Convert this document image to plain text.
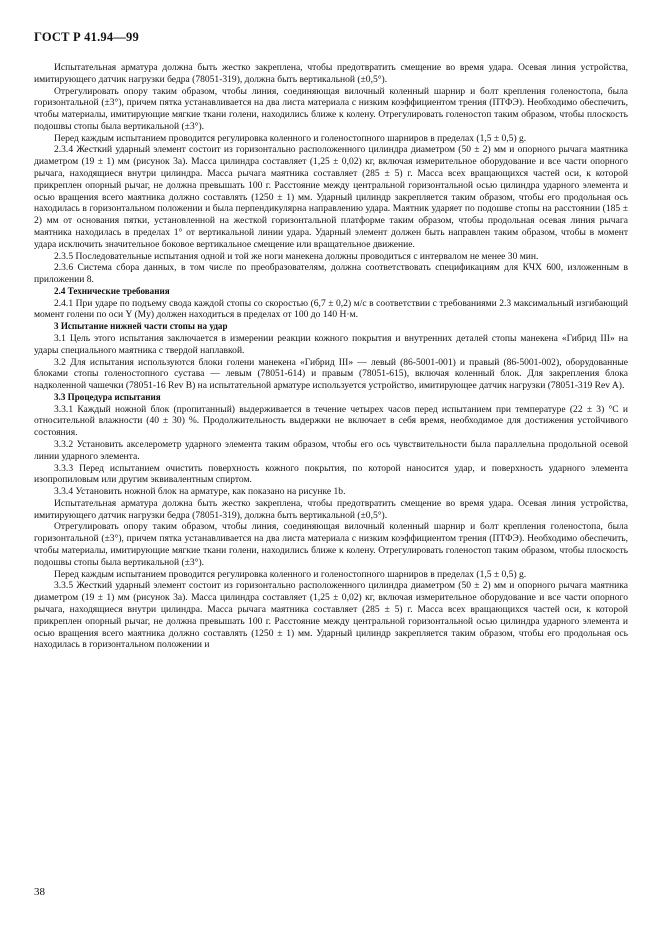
ГОСТ Р 41.94—99

Испытательная арматура должна быть жестко закреплена, чтобы предотвратить смещение во время удара. Осевая линия устройства, имитирующего датчик нагрузки бедра (78051-319), должна быть вертикальной (±0,5°).

Отрегулировать опору таким образом, чтобы линия, соединяющая вилочный коленный шарнир и болт крепления голеностопа, была горизонтальной (±3°), причем пятка устанавливается на два листа материала с низким коэффициентом трения (ПТФЭ). Необходимо обеспечить, чтобы материалы, имитирующие мягкие ткани голени, находились ближе к колену. Отрегулировать голеностоп таким образом, чтобы плоскость подошвы стопы была вертикальной (±3°).

Перед каждым испытанием проводится регулировка коленного и голеностопного шарниров в пределах (1,5 ± 0,5) g.

2.3.4 Жесткий ударный элемент состоит из горизонтально расположенного цилиндра диаметром (50 ± 2) мм и опорного рычага маятника диаметром (19 ± 1) мм (рисунок 3а). Масса цилиндра составляет (1,25 ± 0,02) кг, включая измерительное оборудование и все части опорного рычага, находящиеся внутри цилиндра. Масса рычага маятника составляет (285 ± 5) г. Масса всех вращающихся частей оси, к которой прикреплен опорный рычаг, не должна превышать 100 г. Расстояние между центральной горизонтальной осью цилиндра ударного элемента и осью вращения всего маятника должно составлять (1250 ± 1) мм. Ударный цилиндр закрепляется таким образом, чтобы его продольная ось находилась в горизонтальном положении и была перпендикулярна направлению удара. Маятник ударяет по подошве стопы на расстоянии (185 ± 2) мм от основания пятки, установленной на жесткой горизонтальной платформе таким образом, чтобы продольная осевая линия рычага маятника находилась в пределах 1° от вертикальной линии удара. Ударный элемент должен быть направлен таким образом, чтобы в момент удара исключить значительное боковое вертикальное смещение или вращательное движение.

2.3.5 Последовательные испытания одной и той же ноги манекена должны проводиться с интервалом не менее 30 мин.

2.3.6 Система сбора данных, в том числе по преобразователям, должна соответствовать спецификациям для КЧХ 600, изложенным в приложении 8.

2.4 Технические требования

2.4.1 При ударе по подъему свода каждой стопы со скоростью (6,7 ± 0,2) м/с в соответствии с требованиями 2.3 максимальный изгибающий момент голени по оси Y (My) должен находиться в пределах от 100 до 140 Н·м.

3 Испытание нижней части стопы на удар

3.1 Цель этого испытания заключается в измерении реакции кожного покрытия и внутренних деталей стопы манекена «Гибрид III» на удары специального маятника с твердой наплавкой.

3.2 Для испытания используются блоки голени манекена «Гибрид III» — левый (86-5001-001) и правый (86-5001-002), оборудованные блоками стопы голеностопного сустава — левым (78051-614) и правым (78051-615), включая коленный блок. Для закрепления блока надколенной чашечки (78051-16 Rev B) на испытательной арматуре используется устройство, имитирующее датчик нагрузки (78051-319 Rev A).

3.3 Процедура испытания

3.3.1 Каждый ножной блок (пропитанный) выдерживается в течение четырех часов перед испытанием при температуре (22 ± 3) °С и относительной влажности (40 ± 30) %. Продолжительность выдержки не включает в себя время, необходимое для достижения устойчивого состояния.

3.3.2 Установить акселерометр ударного элемента таким образом, чтобы его ось чувствительности была параллельна продольной осевой линии ударного элемента.

3.3.3 Перед испытанием очистить поверхность кожного покрытия, по которой наносится удар, и поверхность ударного элемента изопропиловым или другим эквивалентным спиртом.

3.3.4 Установить ножной блок на арматуре, как показано на рисунке 1b.

Испытательная арматура должна быть жестко закреплена, чтобы предотвратить смещение во время удара. Осевая линия устройства, имитирующего датчик нагрузки бедра (78051-319), должна быть вертикальной (±0,5°).

Отрегулировать опору таким образом, чтобы линия, соединяющая вилочный коленный шарнир и болт крепления голеностопа, была горизонтальной (±3°), причем пятка устанавливается на два листа материала с низким коэффициентом трения (ПТФЭ). Необходимо обеспечить, чтобы материалы, имитирующие мягкие ткани голени, находились ближе к колену. Отрегулировать голеностоп таким образом, чтобы плоскость подошвы стопы была вертикальной (±3°).

Перед каждым испытанием проводится регулировка коленного и голеностопного шарниров в пределах (1,5 ± 0,5) g.

3.3.5 Жесткий ударный элемент состоит из горизонтально расположенного цилиндра диаметром (50 ± 2) мм и опорного рычага маятника диаметром (19 ± 1) мм (рисунок 3а). Масса цилиндра составляет (1,25 ± 0,02) кг, включая измерительное оборудование и все части опорного рычага, находящиеся внутри цилиндра. Масса рычага маятника составляет (285 ± 5) г. Масса всех вращающихся частей оси, к которой прикреплен опорный рычаг, не должна превышать 100 г. Расстояние между центральной горизонтальной осью цилиндра ударного элемента и осью вращения всего маятника должно составлять (1250 ± 1) мм. Ударный цилиндр закрепляется таким образом, чтобы его продольная ось находилась в горизонтальном положении и

38
